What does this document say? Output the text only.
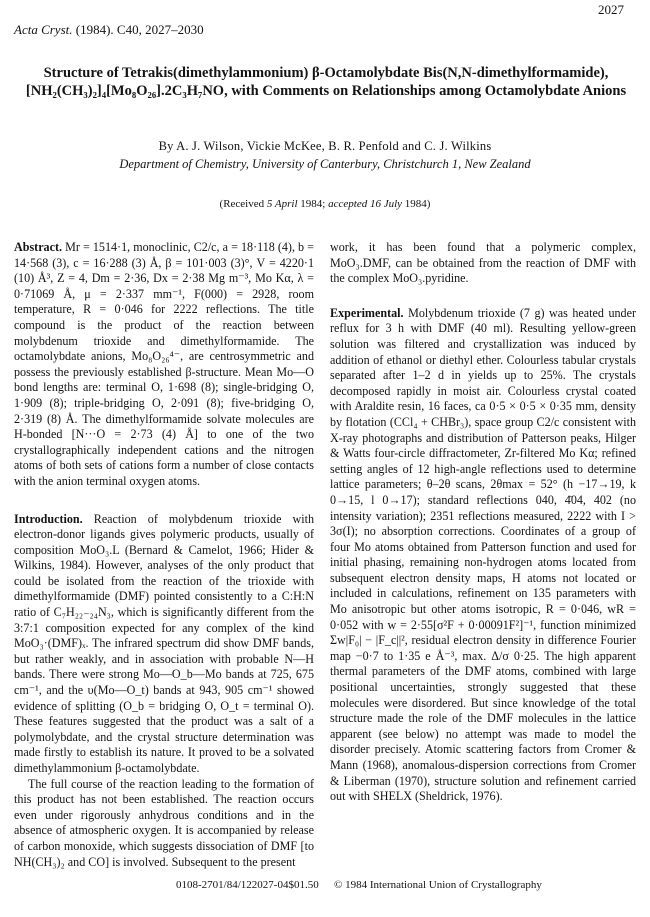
2027
Acta Cryst. (1984). C40, 2027–2030
Structure of Tetrakis(dimethylammonium) β-Octamolybdate Bis(N,N-dimethylformamide), [NH₂(CH₃)₂]₄[Mo₈O₂₆].2C₃H₇NO, with Comments on Relationships among Octamolybdate Anions
By A. J. Wilson, Vickie McKee, B. R. Penfold and C. J. Wilkins
Department of Chemistry, University of Canterbury, Christchurch 1, New Zealand
(Received 5 April 1984; accepted 16 July 1984)

Abstract. Mr = 1514·1, monoclinic, C2/c, a = 18·118 (4), b = 14·568 (3), c = 16·288 (3) Å, β = 101·003 (3)°, V = 4220·1 (10) Å³, Z = 4, Dm = 2·36, Dx = 2·38 Mg m⁻³, Mo Kα, λ = 0·71069 Å, μ = 2·337 mm⁻¹, F(000) = 2928, room temperature, R = 0·046 for 2222 reflections. The title compound is the product of the reaction between molybdenum trioxide and dimethylformamide. The octamolybdate anions, Mo₈O₂₆⁴⁻, are centrosymmetric and possess the previously established β-structure. Mean Mo—O bond lengths are: terminal O, 1·698 (8); single-bridging O, 1·909 (8); triple-bridging O, 2·091 (8); five-bridging O, 2·319 (8) Å. The dimethylformamide solvate molecules are H-bonded [N···O = 2·73 (4) Å] to one of the two crystallographically independent cations and the nitrogen atoms of both sets of cations form a number of close contacts with the anion terminal oxygen atoms.

Introduction. Reaction of molybdenum trioxide with electron-donor ligands gives polymeric products, usually of composition MoO₃.L (Bernard & Camelot, 1966; Hider & Wilkins, 1984). However, analyses of the only product that could be isolated from the reaction of the trioxide with dimethylformamide (DMF) pointed consistently to a C:H:N ratio of C₇H₂₂₋₂₄N₃, which is significantly different from the 3:7:1 composition expected for any complex of the kind MoO₃·(DMF)ₓ. The infrared spectrum did show DMF bands, but rather weakly, and in association with probable N—H bands. There were strong Mo—O_b—Mo bands at 725, 675 cm⁻¹, and the υ(Mo—O_t) bands at 943, 905 cm⁻¹ showed evidence of splitting (O_b = bridging O, O_t = terminal O). These features suggested that the product was a salt of a polymolybdate, and the crystal structure determination was made firstly to establish its nature. It proved to be a solvated dimethylammonium β-octamolybdate.

The full course of the reaction leading to the formation of this product has not been established. The reaction occurs even under rigorously anhydrous conditions and in the absence of atmospheric oxygen. It is accompanied by release of carbon monoxide, which suggests dissociation of DMF [to NH(CH₃)₂ and CO] is involved. Subsequent to the present

work, it has been found that a polymeric complex, MoO₃.DMF, can be obtained from the reaction of DMF with the complex MoO₃.pyridine.

Experimental. Molybdenum trioxide (7 g) was heated under reflux for 3 h with DMF (40 ml). Resulting yellow-green solution was filtered and crystallization was induced by addition of ethanol or diethyl ether. Colourless tabular crystals separated after 1–2 d in yields up to 25%. The crystals decomposed rapidly in moist air. Colourless crystal coated with Araldite resin, 16 faces, ca 0·5 × 0·5 × 0·35 mm, density by flotation (CCl₄ + CHBr₃), space group C2/c consistent with X-ray photographs and distribution of Patterson peaks, Hilger & Watts four-circle diffractometer, Zr-filtered Mo Kα; refined setting angles of 12 high-angle reflections used to determine lattice parameters; θ–2θ scans, 2θmax = 52° (h −17→19, k 0→15, l 0→17); standard reflections 040, 4̄04, 402 (no intensity variation); 2351 reflections measured, 2222 with I > 3σ(I); no absorption corrections. Coordinates of a group of four Mo atoms obtained from Patterson function and used for initial phasing, remaining non-hydrogen atoms located from subsequent electron density maps, H atoms not located or included in calculations, refinement on 135 parameters with Mo anisotropic but other atoms isotropic, R = 0·046, wR = 0·052 with w = 2·55[σ²F + 0·00091F²]⁻¹, function minimized Σw|F₀| − |F_c||², residual electron density in difference Fourier map −0·7 to 1·35 e Å⁻³, max. Δ/σ 0·25. The high apparent thermal parameters of the DMF atoms, combined with large positional uncertainties, strongly suggested that these molecules were disordered. But since knowledge of the total structure made the role of the DMF molecules in the lattice apparent (see below) no attempt was made to model the disorder precisely. Atomic scattering factors from Cromer & Mann (1968), anomalous-dispersion corrections from Cromer & Liberman (1970), structure solution and refinement carried out with SHELX (Sheldrick, 1976).

0108-2701/84/122027-04$01.50 © 1984 International Union of Crystallography
